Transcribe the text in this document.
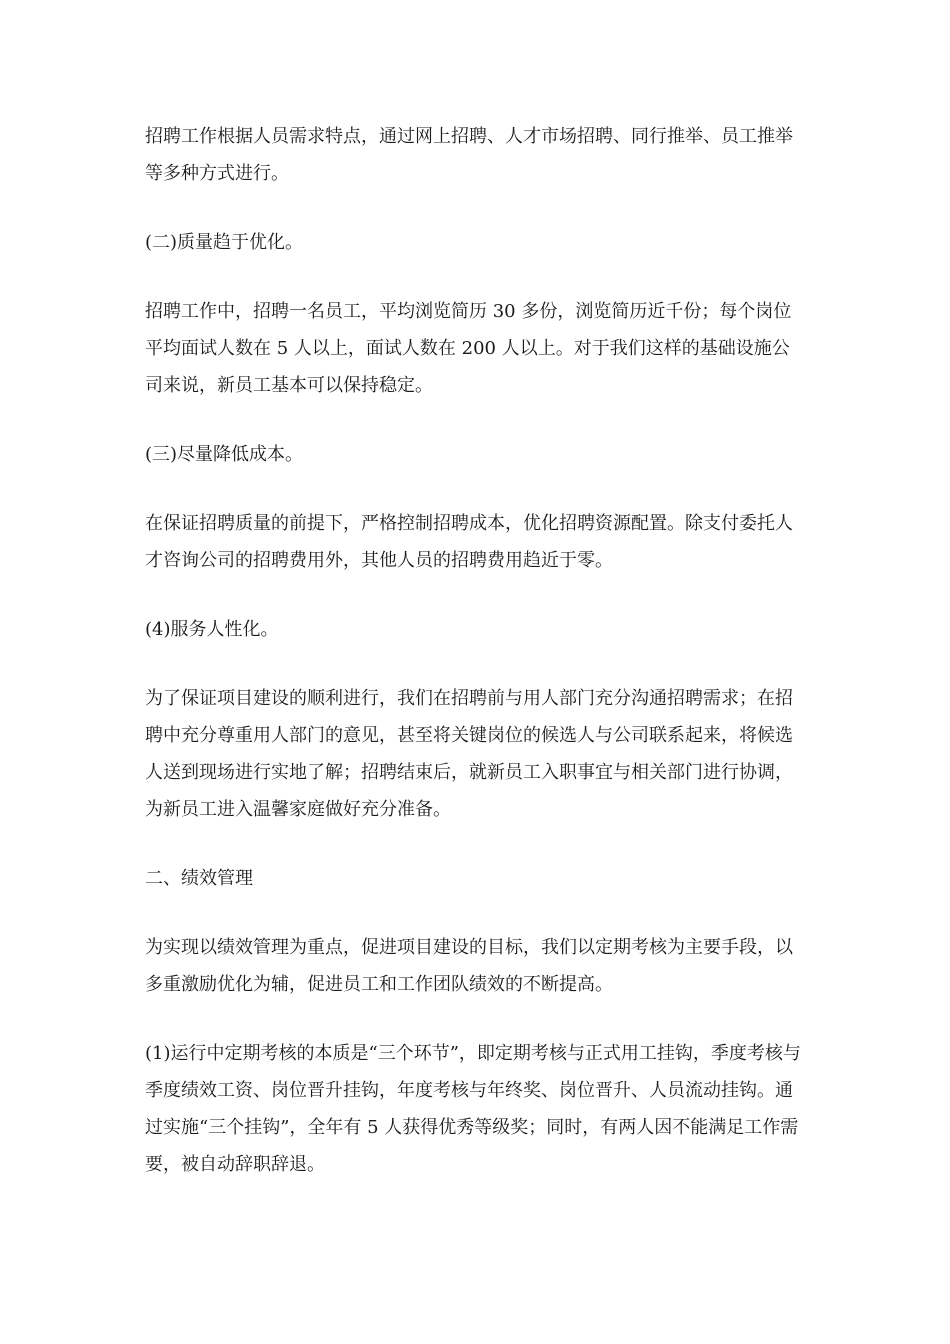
招聘工作根据人员需求特点，通过网上招聘、人才市场招聘、同行推举、员工推举等多种方式进行。

(二)质量趋于优化。

招聘工作中，招聘一名员工，平均浏览简历 30 多份，浏览简历近千份；每个岗位平均面试人数在 5 人以上，面试人数在 200 人以上。对于我们这样的基础设施公司来说，新员工基本可以保持稳定。

(三)尽量降低成本。

在保证招聘质量的前提下，严格控制招聘成本，优化招聘资源配置。除支付委托人才咨询公司的招聘费用外，其他人员的招聘费用趋近于零。

(4)服务人性化。

为了保证项目建设的顺利进行，我们在招聘前与用人部门充分沟通招聘需求；在招聘中充分尊重用人部门的意见，甚至将关键岗位的候选人与公司联系起来，将候选人送到现场进行实地了解；招聘结束后，就新员工入职事宜与相关部门进行协调，为新员工进入温馨家庭做好充分准备。

二、绩效管理

为实现以绩效管理为重点，促进项目建设的目标，我们以定期考核为主要手段，以多重激励优化为辅，促进员工和工作团队绩效的不断提高。

(1)运行中定期考核的本质是“三个环节”，即定期考核与正式用工挂钩，季度考核与季度绩效工资、岗位晋升挂钩，年度考核与年终奖、岗位晋升、人员流动挂钩。通过实施“三个挂钩”，全年有 5 人获得优秀等级奖；同时，有两人因不能满足工作需要，被自动辞职辞退。
